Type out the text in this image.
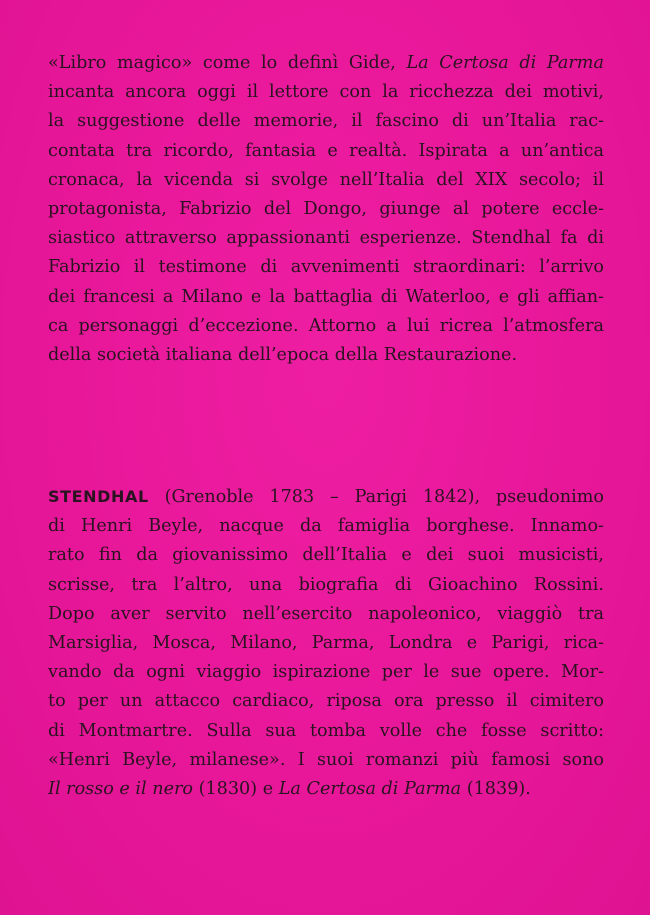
«Libro magico» come lo definì Gide, La Certosa di Parma
incanta ancora oggi il lettore con la ricchezza dei motivi,
la suggestione delle memorie, il fascino di un’Italia rac-
contata tra ricordo, fantasia e realtà. Ispirata a un’antica
cronaca, la vicenda si svolge nell’Italia del XIX secolo; il
protagonista, Fabrizio del Dongo, giunge al potere eccle-
siastico attraverso appassionanti esperienze. Stendhal fa di
Fabrizio il testimone di avvenimenti straordinari: l’arrivo
dei francesi a Milano e la battaglia di Waterloo, e gli affian-
ca personaggi d’eccezione. Attorno a lui ricrea l’atmosfera
della società italiana dell’epoca della Restaurazione.
STENDHAL (Grenoble 1783 – Parigi 1842), pseudonimo
di Henri Beyle, nacque da famiglia borghese. Innamo-
rato fin da giovanissimo dell’Italia e dei suoi musicisti,
scrisse, tra l’altro, una biografia di Gioachino Rossini.
Dopo aver servito nell’esercito napoleonico, viaggiò tra
Marsiglia, Mosca, Milano, Parma, Londra e Parigi, rica-
vando da ogni viaggio ispirazione per le sue opere. Mor-
to per un attacco cardiaco, riposa ora presso il cimitero
di Montmartre. Sulla sua tomba volle che fosse scritto:
«Henri Beyle, milanese». I suoi romanzi più famosi sono
Il rosso e il nero (1830) e La Certosa di Parma (1839).
